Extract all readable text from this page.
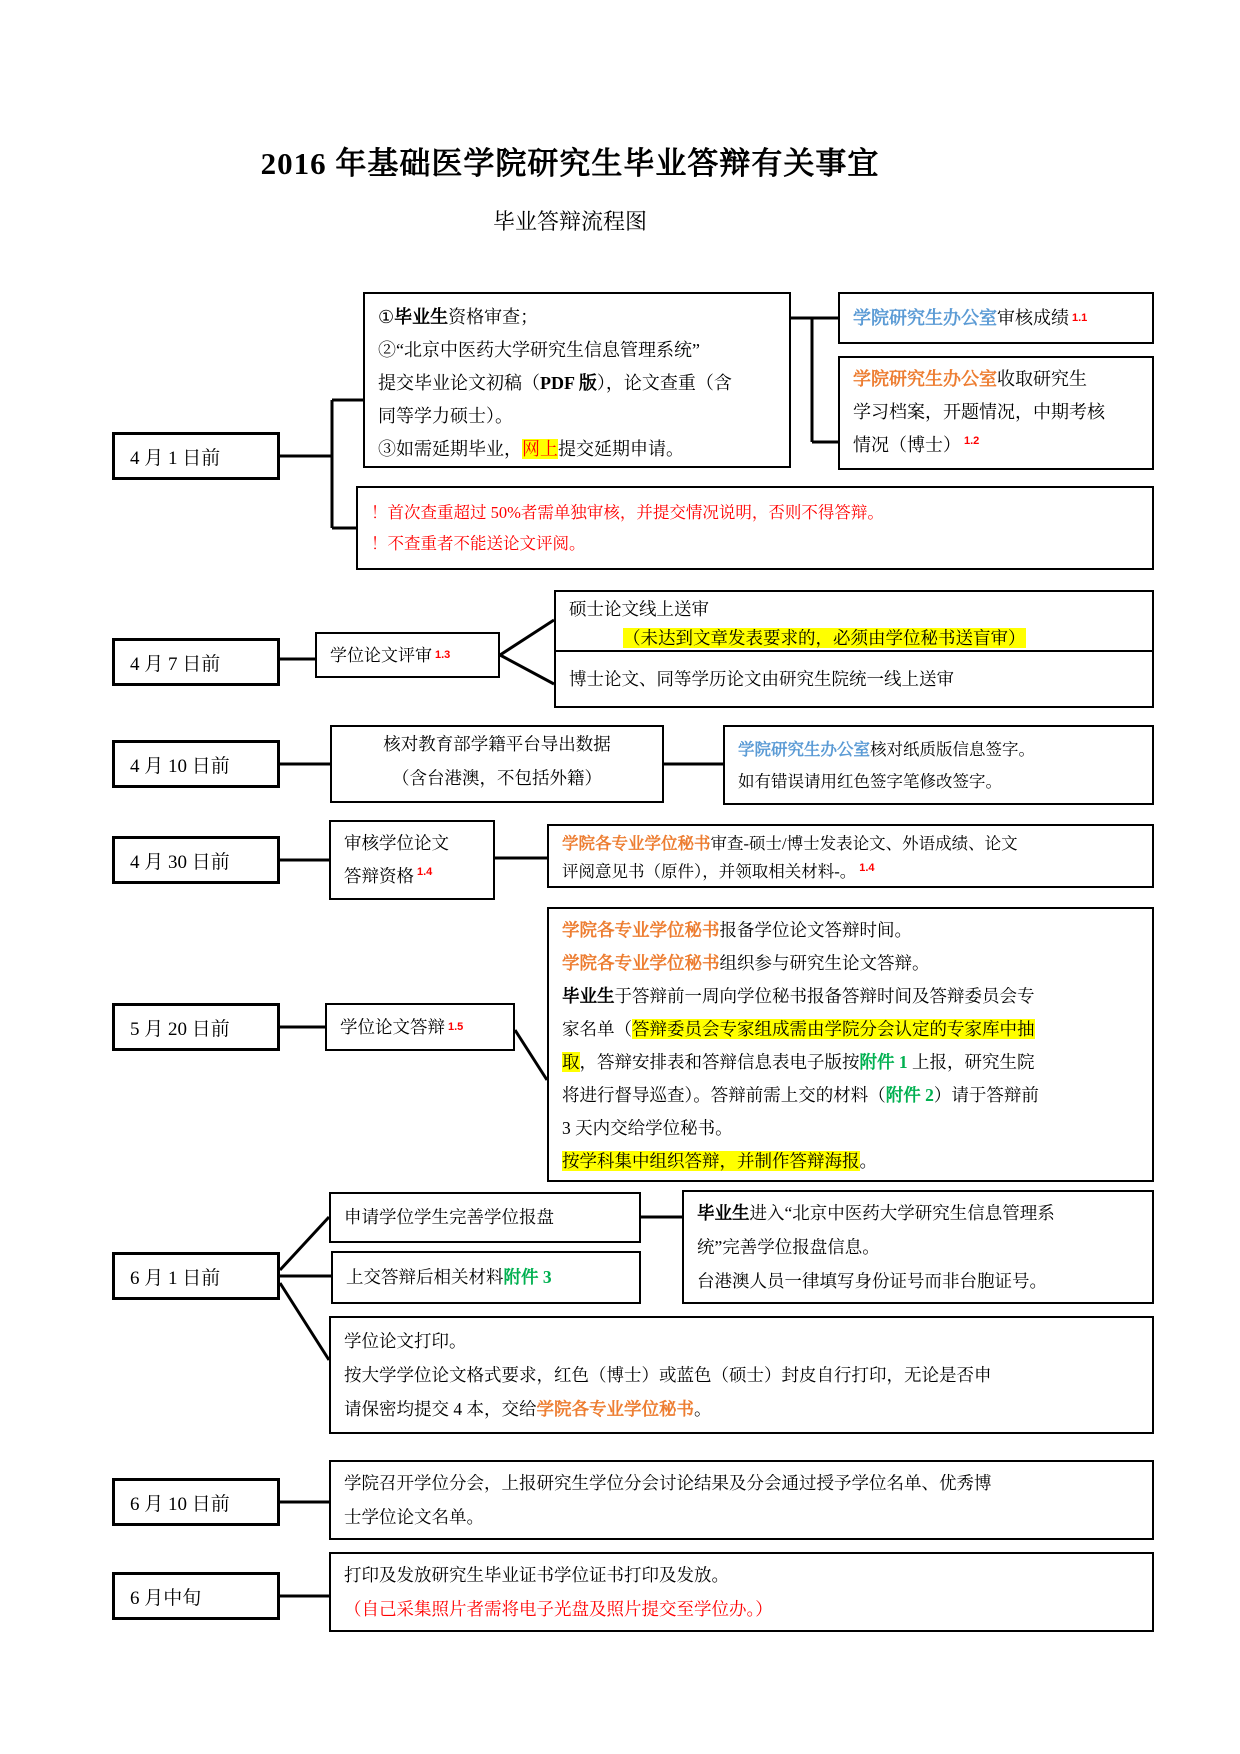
2016 年基础医学院研究生毕业答辩有关事宜
毕业答辩流程图
4 月 1 日前
4 月 7 日前
4 月 10 日前
4 月 30 日前
5 月 20 日前
6 月 1 日前
6 月 10 日前
6 月中旬
①毕业生资格审查；
②“北京中医药大学研究生信息管理系统”
提交毕业论文初稿（PDF 版），论文查重（含
同等学力硕士）。
③如需延期毕业，网上提交延期申请。
学院研究生办公室 审核成绩 1.1
学院研究生办公室收取研究生
学习档案，开题情况，中期考核
情况（博士） $^{1.2}$
！首次查重超过 50%者需单独审核，并提交情况说明，否则不得答辩。
！不查重者不能送论文评阅。
学位论文评审 1.3
硕士论文线上送审
（未达到文章发表要求的，必须由学位秘书送盲审）
博士论文、同等学历论文由研究生院统一线上送审
核对教育部学籍平台导出数据
（含台港澳，不包括外籍）
学院研究生办公室核对纸质版信息签字。
如有错误请用红色签字笔修改签字。
审核学位论文
答辩资格 $^{1.4}$
学院各专业学位秘书审查-硕士/博士发表论文、外语成绩、论文
评阅意见书（原件），并领取相关材料-。 $^{1.4}$
学位论文答辩 1.5
学院各专业学位秘书报备学位论文答辩时间。
学院各专业学位秘书组织参与研究生论文答辩。
毕业生于答辩前一周向学位秘书报备答辩时间及答辩委员会专
家名单（答辩委员会专家组成需由学院分会认定的专家库中抽
取，答辩安排表和答辩信息表电子版按附件 1 上报，研究生院
将进行督导巡查）。答辩前需上交的材料（附件 2）请于答辩前
3 天内交给学位秘书。
按学科集中组织答辩，并制作答辩海报。
申请学位学生完善学位报盘
上交答辩后相关材料 附件 3
毕业生进入“北京中医药大学研究生信息管理系
统”完善学位报盘信息。
台港澳人员一律填写身份证号而非台胞证号。
学位论文打印。
按大学学位论文格式要求，红色（博士）或蓝色（硕士）封皮自行打印，无论是否申
请保密均提交 4 本，交给学院各专业学位秘书。
学院召开学位分会，上报研究生学位分会讨论结果及分会通过授予学位名单、优秀博
士学位论文名单。
打印及发放研究生毕业证书学位证书打印及发放。
（自己采集照片者需将电子光盘及照片提交至学位办。）
